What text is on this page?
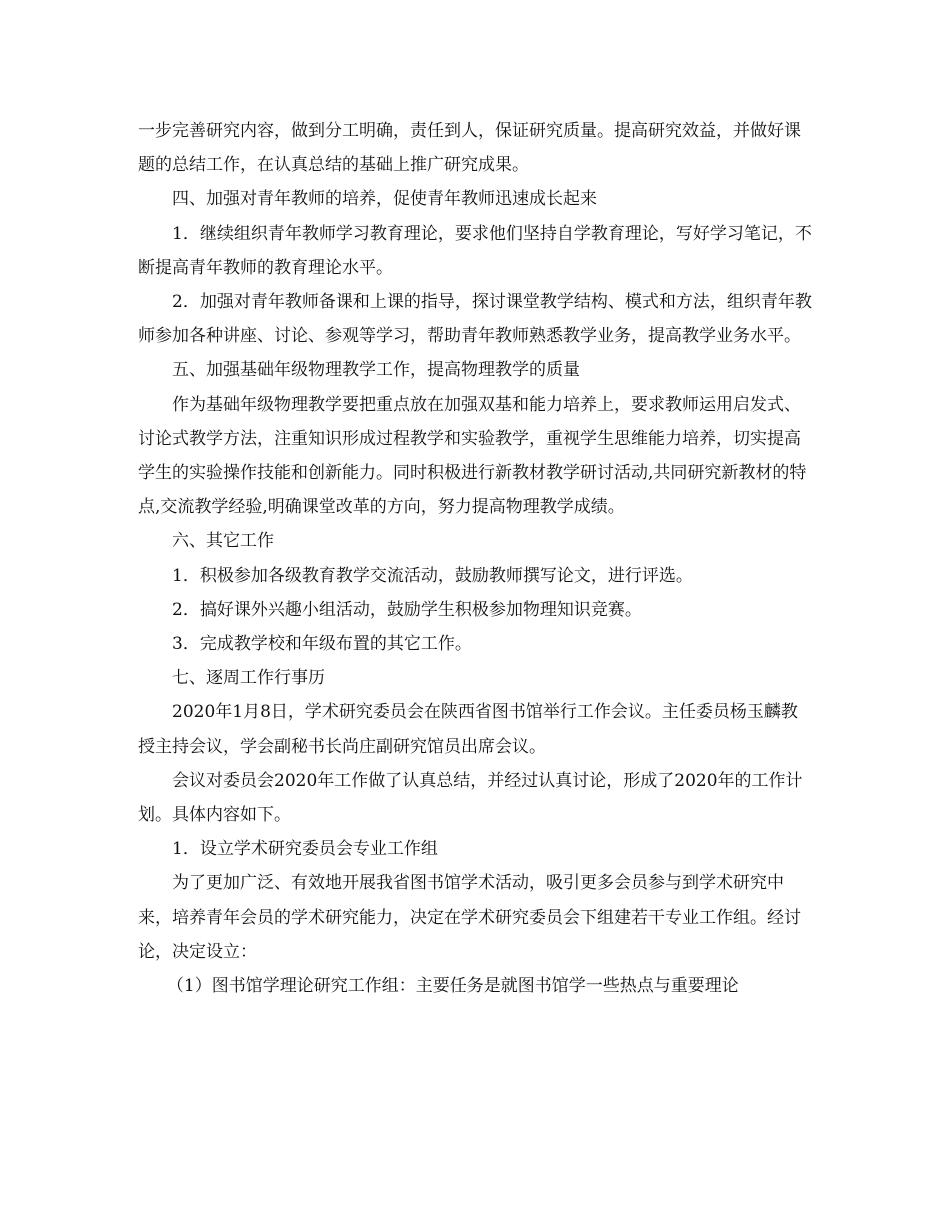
一步完善研究内容，做到分工明确，责任到人，保证研究质量。提高研究效益，并做好课题的总结工作，在认真总结的基础上推广研究成果。

四、加强对青年教师的培养，促使青年教师迅速成长起来

1．继续组织青年教师学习教育理论，要求他们坚持自学教育理论，写好学习笔记，不断提高青年教师的教育理论水平。

2．加强对青年教师备课和上课的指导，探讨课堂教学结构、模式和方法，组织青年教师参加各种讲座、讨论、参观等学习，帮助青年教师熟悉教学业务，提高教学业务水平。

五、加强基础年级物理教学工作，提高物理教学的质量

作为基础年级物理教学要把重点放在加强双基和能力培养上，要求教师运用启发式、讨论式教学方法，注重知识形成过程教学和实验教学，重视学生思维能力培养，切实提高学生的实验操作技能和创新能力。同时积极进行新教材教学研讨活动,共同研究新教材的特点,交流教学经验,明确课堂改革的方向，努力提高物理教学成绩。

六、其它工作

1．积极参加各级教育教学交流活动，鼓励教师撰写论文，进行评选。

2．搞好课外兴趣小组活动，鼓励学生积极参加物理知识竞赛。

3．完成教学校和年级布置的其它工作。

七、逐周工作行事历

2020年1月8日，学术研究委员会在陕西省图书馆举行工作会议。主任委员杨玉麟教授主持会议，学会副秘书长尚庄副研究馆员出席会议。

会议对委员会2020年工作做了认真总结，并经过认真讨论，形成了2020年的工作计划。具体内容如下。

1．设立学术研究委员会专业工作组

为了更加广泛、有效地开展我省图书馆学术活动，吸引更多会员参与到学术研究中来，培养青年会员的学术研究能力，决定在学术研究委员会下组建若干专业工作组。经讨论，决定设立：

（1）图书馆学理论研究工作组：主要任务是就图书馆学一些热点与重要理论
